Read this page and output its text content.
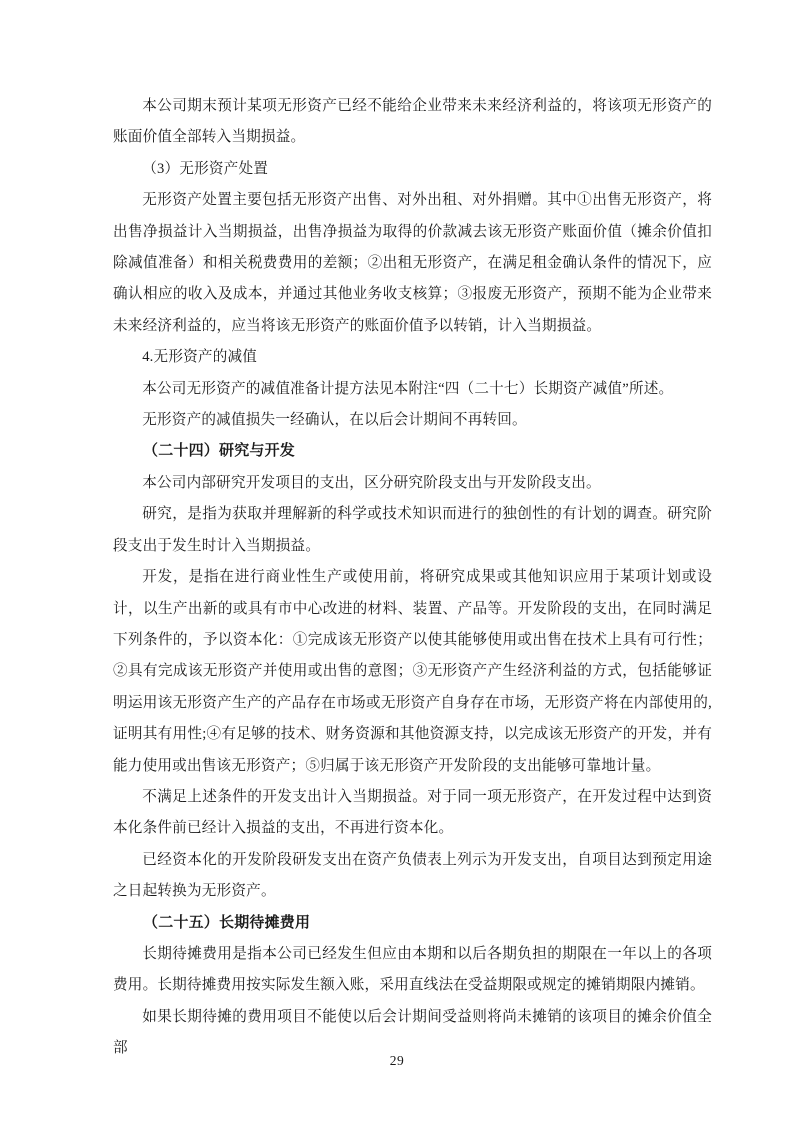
本公司期末预计某项无形资产已经不能给企业带来未来经济利益的，将该项无形资产的账面价值全部转入当期损益。
（3）无形资产处置
无形资产处置主要包括无形资产出售、对外出租、对外捐赠。其中①出售无形资产，将出售净损益计入当期损益，出售净损益为取得的价款减去该无形资产账面价值（摊余价值扣除减值准备）和相关税费费用的差额；②出租无形资产，在满足租金确认条件的情况下，应确认相应的收入及成本，并通过其他业务收支核算；③报废无形资产，预期不能为企业带来未来经济利益的，应当将该无形资产的账面价值予以转销，计入当期损益。
4.无形资产的减值
本公司无形资产的减值准备计提方法见本附注“四（二十七）长期资产减值”所述。
无形资产的减值损失一经确认，在以后会计期间不再转回。
（二十四）研究与开发
本公司内部研究开发项目的支出，区分研究阶段支出与开发阶段支出。
研究，是指为获取并理解新的科学或技术知识而进行的独创性的有计划的调查。研究阶段支出于发生时计入当期损益。
开发，是指在进行商业性生产或使用前，将研究成果或其他知识应用于某项计划或设计，以生产出新的或具有市中心改进的材料、装置、产品等。开发阶段的支出，在同时满足下列条件的，予以资本化：①完成该无形资产以使其能够使用或出售在技术上具有可行性；②具有完成该无形资产并使用或出售的意图；③无形资产产生经济利益的方式，包括能够证明运用该无形资产生产的产品存在市场或无形资产自身存在市场，无形资产将在内部使用的,证明其有用性;④有足够的技术、财务资源和其他资源支持，以完成该无形资产的开发，并有能力使用或出售该无形资产；⑤归属于该无形资产开发阶段的支出能够可靠地计量。
不满足上述条件的开发支出计入当期损益。对于同一项无形资产，在开发过程中达到资本化条件前已经计入损益的支出，不再进行资本化。
已经资本化的开发阶段研发支出在资产负债表上列示为开发支出，自项目达到预定用途之日起转换为无形资产。
（二十五）长期待摊费用
长期待摊费用是指本公司已经发生但应由本期和以后各期负担的期限在一年以上的各项费用。长期待摊费用按实际发生额入账，采用直线法在受益期限或规定的摊销期限内摊销。
如果长期待摊的费用项目不能使以后会计期间受益则将尚未摊销的该项目的摊余价值全部
29
